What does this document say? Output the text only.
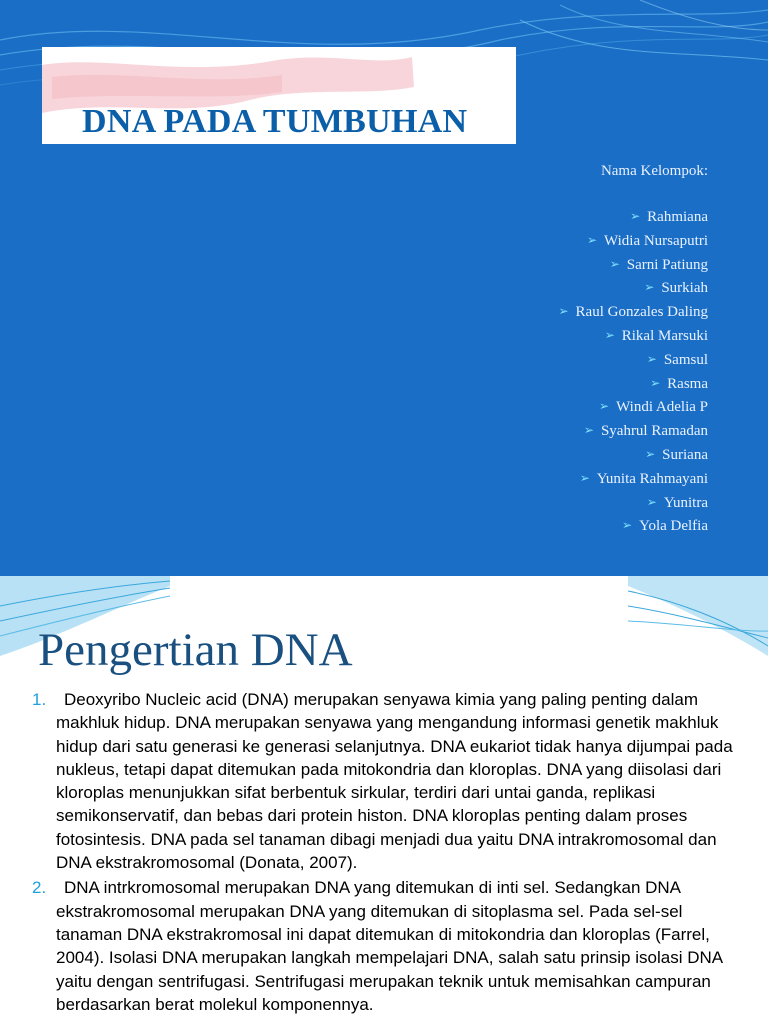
DNA PADA TUMBUHAN
Nama Kelompok:
➢ Rahmiana
➢ Widia Nursaputri
➢ Sarni Patiung
➢ Surkiah
➢ Raul Gonzales Daling
➢ Rikal Marsuki
➢ Samsul
➢ Rasma
➢ Windi Adelia P
➢ Syahrul Ramadan
➢ Suriana
➢ Yunita Rahmayani
➢ Yunitra
➢ Yola Delfia
Pengertian DNA
1.	Deoxyribo Nucleic acid (DNA) merupakan senyawa kimia yang paling penting dalam makhluk hidup. DNA merupakan senyawa yang mengandung informasi genetik makhluk hidup dari satu generasi ke generasi selanjutnya. DNA eukariot tidak hanya dijumpai pada nukleus, tetapi dapat ditemukan pada mitokondria dan kloroplas. DNA yang diisolasi dari kloroplas menunjukkan sifat berbentuk sirkular, terdiri dari untai ganda, replikasi semikonservatif, dan bebas dari protein histon. DNA kloroplas penting dalam proses fotosintesis. DNA pada sel tanaman dibagi menjadi dua yaitu DNA intrakromosomal dan DNA ekstrakromosomal (Donata, 2007).

2.	DNA intrkromosomal merupakan DNA yang ditemukan di inti sel. Sedangkan DNA ekstrakromosomal merupakan DNA yang ditemukan di sitoplasma sel. Pada sel-sel tanaman DNA ekstrakromosal ini dapat ditemukan di mitokondria dan kloroplas (Farrel, 2004). Isolasi DNA merupakan langkah mempelajari DNA, salah satu prinsip isolasi DNA yaitu dengan sentrifugasi. Sentrifugasi merupakan teknik untuk memisahkan campuran berdasarkan berat molekul komponennya.
